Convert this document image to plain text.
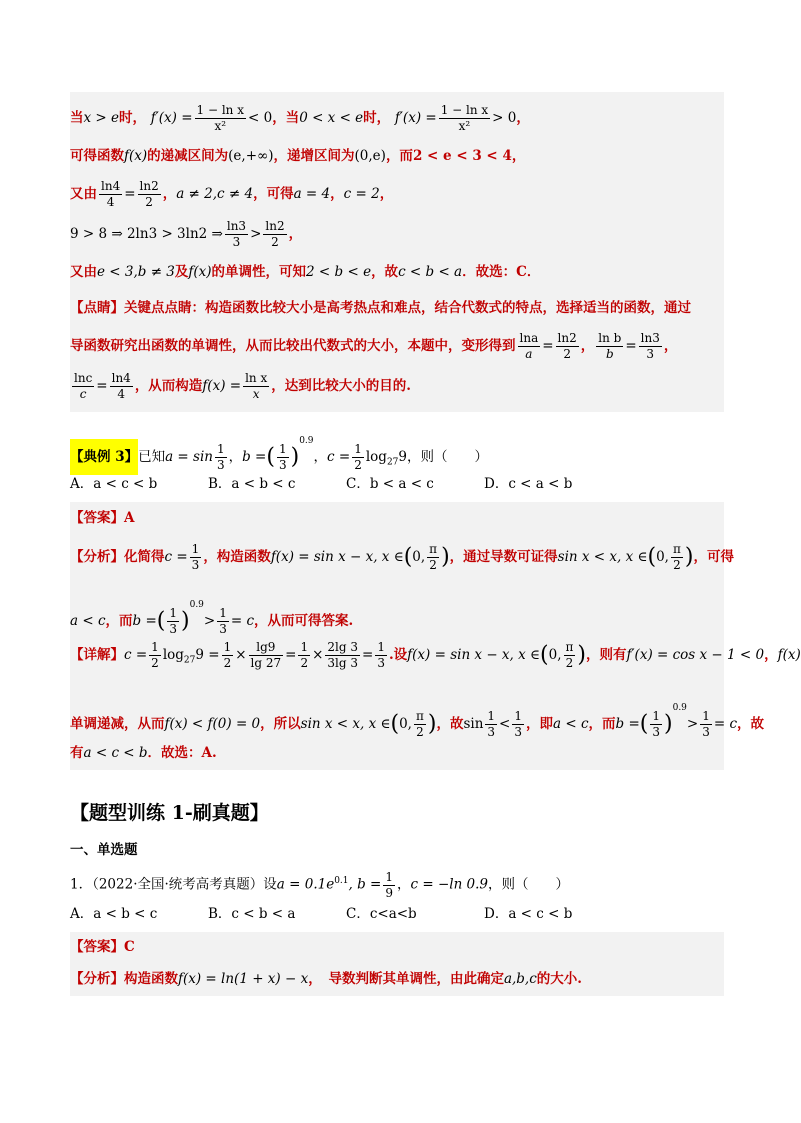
当x > e时， $f'(x) = \frac{\text{1 − ln x}}{\text{x²}} < 0$，当0 < x < e时， $f'(x) = \frac{\text{1 − ln x}}{\text{x²}} > 0$，
可得函数f(x)的递减区间为(e,+∞)，递增区间为(0,e)，而2 < e < 3 < 4，
又由 $\frac{\ln 4}{4} = \frac{\ln 2}{2}$ ，a ≠ 2,c ≠ 4，可得a = 4，c = 2，
9 > 8 ⇒ 2ln3 > 3ln2 ⇒ $\frac{\ln 3}{3} > \frac{\ln 2}{2}$ ，
又由e < 3,b ≠ 3及f(x)的单调性，可知2 < b < e，故c < b < a．故选：C．
【点睛】关键点点睛：构造函数比较大小是高考热点和难点，结合代数式的特点，选择适当的函数，通过
导函数研究出函数的单调性，从而比较出代数式的大小，本题中，变形得到 $\frac{\ln a}{a} = \frac{\ln 2}{2}$ ， $\frac{\text{ln b}}{b} = \frac{\ln 3}{3}$ ，
$\frac{\ln c}{c} = \frac{\ln 4}{4}$ ，从而构造$f(x) = \frac{\text{ln x}}{x}$ ，达到比较大小的目的.
【典例 3】已知$a = \sin \frac{1}{3}$ ，b =( $\frac{1}{3} )^{0.9}$，$c = \frac{1}{2} \log_{27}9$，则（　　）
A．a < c < b	B．a < b < c	C．b < a < c	D．c < a < b
【答案】A
【分析】化简得$c = \frac{1}{3}$ ，构造函数f(x) = sin x − x, x ∈(0, $\frac{\pi}{2}$ )，通过导数可证得sin x < x, x ∈(0, $\frac{\pi}{2}$ )，可得
a < c，而b =( $\frac{1}{3} )^{0.9}> \frac{1}{3} = c$，从而可得答案.
【详解】$c = \frac{1}{2} \log_{27}9 = \frac{1}{2} \times \frac{\lg 9}{\lg 27} = \frac{1}{2} \times \frac{2\lg 3}{3\lg 3} = \frac{1}{3}$ .设f(x) = sin x − x, x ∈(0, $\frac{\pi}{2}$ )，则有f′(x) = cos x − 1 < 0，f(x)
单调递减，从而f(x) < f(0) = 0，所以sin x < x, x ∈(0, $\frac{\pi}{2}$ )，故$\sin \frac{1}{3} < \frac{1}{3}$ ，即a < c，而b =( $\frac{1}{3} )^{0.9}> \frac{1}{3} = c$，故
有a < c < b．故选：A.
【题型训练 1-刷真题】
一、单选题
1．（2022·全国·统考高考真题）设$a = 0.1e^{0.1}$, $b = \frac{1}{9}$ ，c = −ln 0.9，则（　　）
A．a < b < c	B．c < b < a	C．c<a<b	D．a < c < b
【答案】C
【分析】构造函数f(x) = ln(1 + x) − x，　导数判断其单调性，由此确定a,b,c的大小.
